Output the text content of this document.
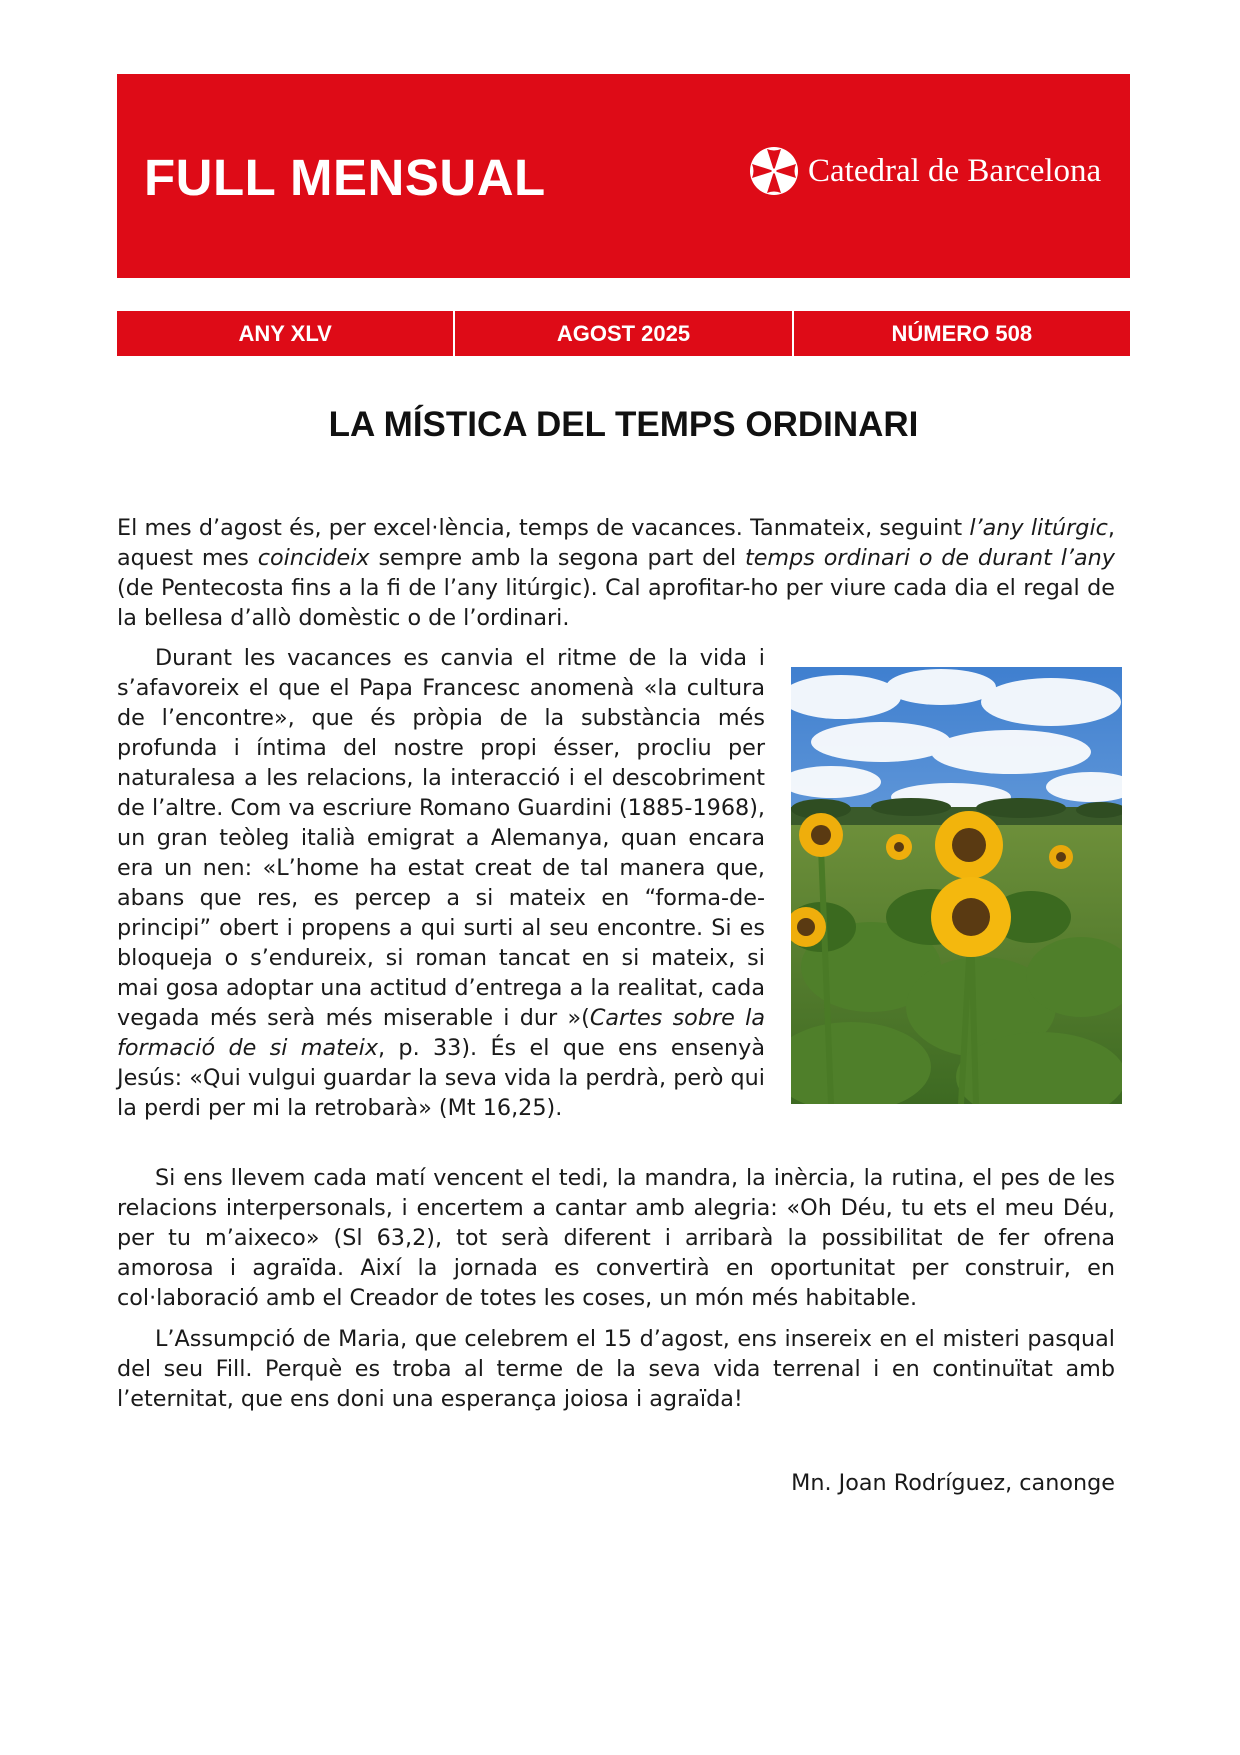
FULL MENSUAL	Catedral de Barcelona
ANY XLV	AGOST 2025	NÚMERO 508
LA MÍSTICA DEL TEMPS ORDINARI

El mes d’agost és, per excel·lència, temps de vacances. Tanmateix, seguint l’any litúrgic, aquest mes coincideix sempre amb la segona part del temps ordinari o de durant l’any (de Pentecosta fins a la fi de l’any litúrgic). Cal aprofitar-ho per viure cada dia el regal de la bellesa d’allò domèstic o de l’ordinari.

Durant les vacances es canvia el ritme de la vida i s’afavoreix el que el Papa Francesc anomenà «la cultura de l’encontre», que és pròpia de la substància més profunda i íntima del nostre propi ésser, procliu per naturalesa a les relacions, la interacció i el descobriment de l’altre. Com va escriure Romano Guardini (1885-1968), un gran teòleg italià emigrat a Alemanya, quan encara era un nen: «L’home ha estat creat de tal manera que, abans que res, es percep a si mateix en “forma-de-principi” obert i propens a qui surti al seu encontre. Si es bloqueja o s’endureix, si roman tancat en si mateix, si mai gosa adoptar una actitud d’entrega a la realitat, cada vegada més serà més miserable i dur »(Cartes sobre la formació de si mateix, p. 33). És el que ens ensenyà Jesús: «Qui vulgui guardar la seva vida la perdrà, però qui la perdi per mi la retrobarà» (Mt 16,25).

Si ens llevem cada matí vencent el tedi, la mandra, la inèrcia, la rutina, el pes de les relacions interpersonals, i encertem a cantar amb alegria: «Oh Déu, tu ets el meu Déu, per tu m’aixeco» (Sl 63,2), tot serà diferent i arribarà la possibilitat de fer ofrena amorosa i agraïda. Així la jornada es convertirà en oportunitat per construir, en col·laboració amb el Creador de totes les coses, un món més habitable.

L’Assumpció de Maria, que celebrem el 15 d’agost, ens insereix en el misteri pasqual del seu Fill. Perquè es troba al terme de la seva vida terrenal i en continuïtat amb l’eternitat, que ens doni una esperança joiosa i agraïda!

Mn. Joan Rodríguez, canonge
